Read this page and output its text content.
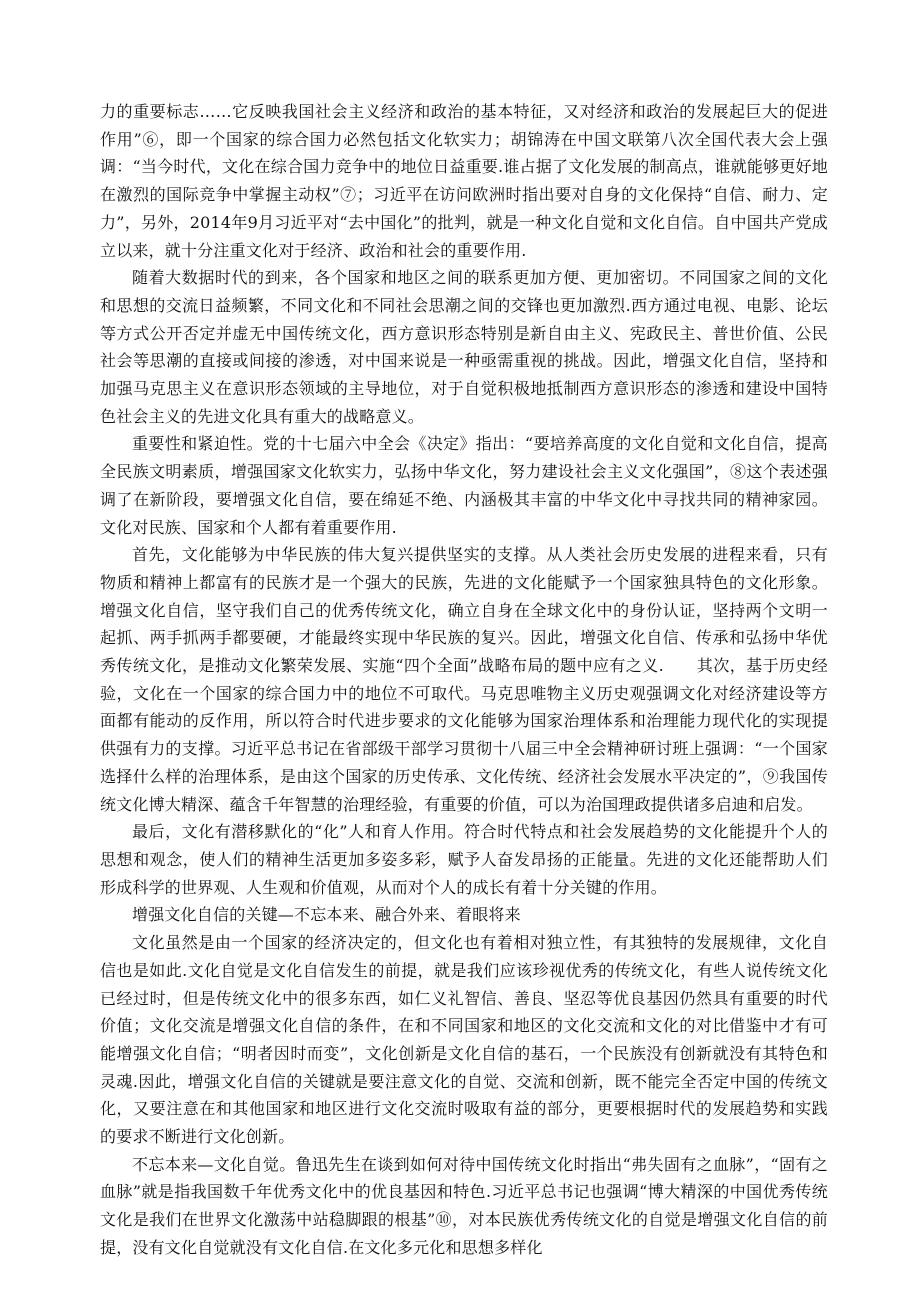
力的重要标志……它反映我国社会主义经济和政治的基本特征，又对经济和政治的发展起巨大的促进作用”⑥，即一个国家的综合国力必然包括文化软实力；胡锦涛在中国文联第八次全国代表大会上强调：“当今时代，文化在综合国力竞争中的地位日益重要.谁占据了文化发展的制高点，谁就能够更好地在激烈的国际竞争中掌握主动权”⑦；习近平在访问欧洲时指出要对自身的文化保持“自信、耐力、定力”，另外，2014年9月习近平对“去中国化”的批判，就是一种文化自觉和文化自信。自中国共产党成立以来，就十分注重文化对于经济、政治和社会的重要作用.

随着大数据时代的到来，各个国家和地区之间的联系更加方便、更加密切。不同国家之间的文化和思想的交流日益频繁，不同文化和不同社会思潮之间的交锋也更加激烈.西方通过电视、电影、论坛等方式公开否定并虚无中国传统文化，西方意识形态特别是新自由主义、宪政民主、普世价值、公民社会等思潮的直接或间接的渗透，对中国来说是一种亟需重视的挑战。因此，增强文化自信，坚持和加强马克思主义在意识形态领域的主导地位，对于自觉积极地抵制西方意识形态的渗透和建设中国特色社会主义的先进文化具有重大的战略意义。

重要性和紧迫性。党的十七届六中全会《决定》指出：“要培养高度的文化自觉和文化自信，提高全民族文明素质，增强国家文化软实力，弘扬中华文化，努力建设社会主义文化强国”，⑧这个表述强调了在新阶段，要增强文化自信，要在绵延不绝、内涵极其丰富的中华文化中寻找共同的精神家园。文化对民族、国家和个人都有着重要作用.

首先，文化能够为中华民族的伟大复兴提供坚实的支撑。从人类社会历史发展的进程来看，只有物质和精神上都富有的民族才是一个强大的民族，先进的文化能赋予一个国家独具特色的文化形象。增强文化自信，坚守我们自己的优秀传统文化，确立自身在全球文化中的身份认证，坚持两个文明一起抓、两手抓两手都要硬，才能最终实现中华民族的复兴。因此，增强文化自信、传承和弘扬中华优秀传统文化，是推动文化繁荣发展、实施“四个全面”战略布局的题中应有之义.　　其次，基于历史经验，文化在一个国家的综合国力中的地位不可取代。马克思唯物主义历史观强调文化对经济建设等方面都有能动的反作用，所以符合时代进步要求的文化能够为国家治理体系和治理能力现代化的实现提供强有力的支撑。习近平总书记在省部级干部学习贯彻十八届三中全会精神研讨班上强调：“一个国家选择什么样的治理体系，是由这个国家的历史传承、文化传统、经济社会发展水平决定的”，⑨我国传统文化博大精深、蕴含千年智慧的治理经验，有重要的价值，可以为治国理政提供诸多启迪和启发。

最后，文化有潜移默化的“化”人和育人作用。符合时代特点和社会发展趋势的文化能提升个人的思想和观念，使人们的精神生活更加多姿多彩，赋予人奋发昂扬的正能量。先进的文化还能帮助人们形成科学的世界观、人生观和价值观，从而对个人的成长有着十分关键的作用。

增强文化自信的关键—不忘本来、融合外来、着眼将来

文化虽然是由一个国家的经济决定的，但文化也有着相对独立性，有其独特的发展规律，文化自信也是如此.文化自觉是文化自信发生的前提，就是我们应该珍视优秀的传统文化，有些人说传统文化已经过时，但是传统文化中的很多东西，如仁义礼智信、善良、坚忍等优良基因仍然具有重要的时代价值；文化交流是增强文化自信的条件，在和不同国家和地区的文化交流和文化的对比借鉴中才有可能增强文化自信；“明者因时而变”，文化创新是文化自信的基石，一个民族没有创新就没有其特色和灵魂.因此，增强文化自信的关键就是要注意文化的自觉、交流和创新，既不能完全否定中国的传统文化，又要注意在和其他国家和地区进行文化交流时吸取有益的部分，更要根据时代的发展趋势和实践的要求不断进行文化创新。

不忘本来—文化自觉。鲁迅先生在谈到如何对待中国传统文化时指出“弗失固有之血脉”，“固有之血脉”就是指我国数千年优秀文化中的优良基因和特色.习近平总书记也强调“博大精深的中国优秀传统文化是我们在世界文化激荡中站稳脚跟的根基”⑩，对本民族优秀传统文化的自觉是增强文化自信的前提，没有文化自觉就没有文化自信.在文化多元化和思想多样化
